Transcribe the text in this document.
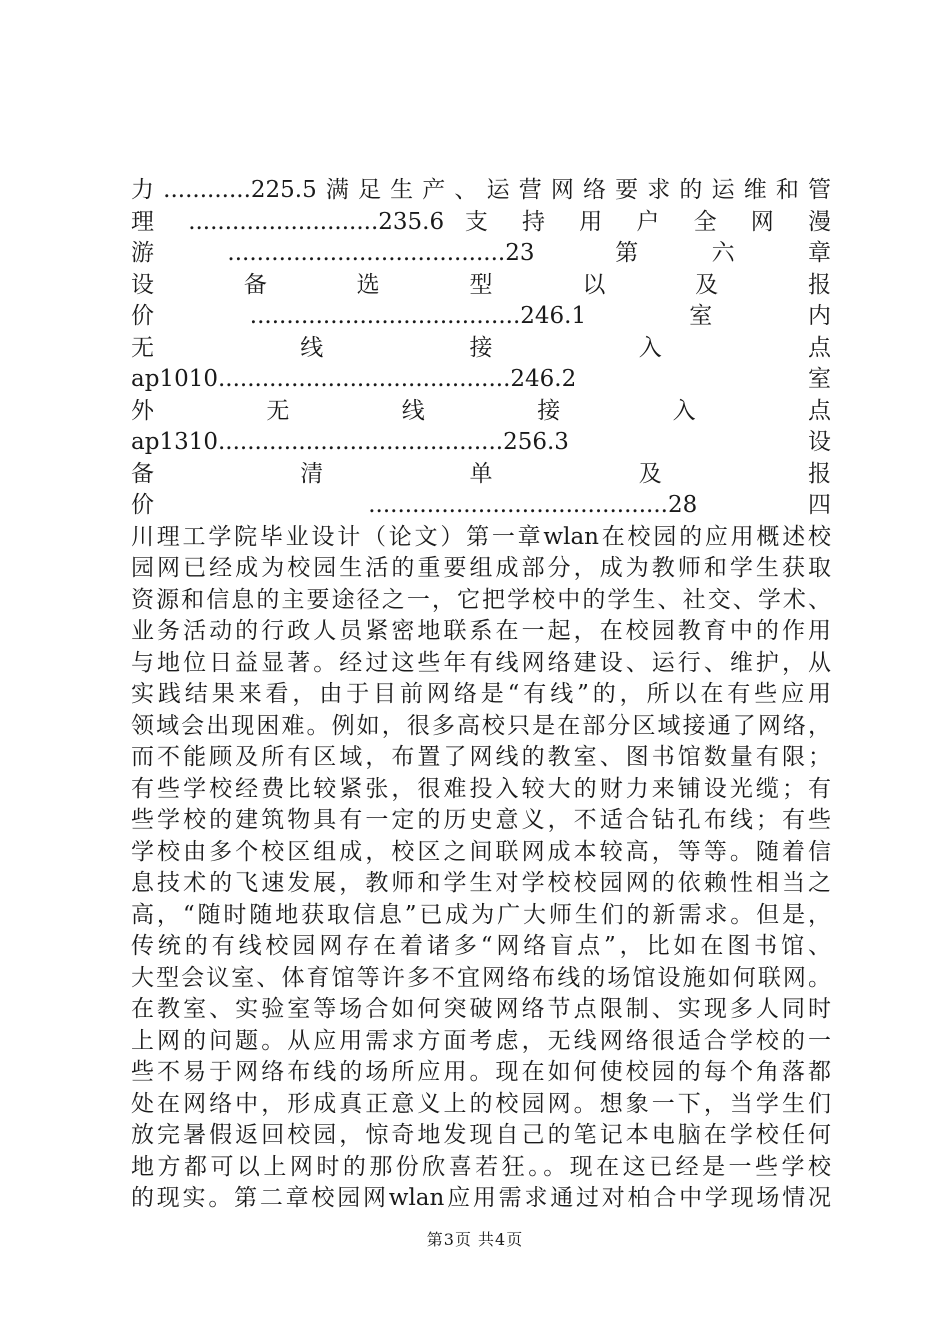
力............225.5满足生产、运营网络要求的运维和管
理 ..........................235.6 支 持 用 户 全 网 漫
游......................................23 第六章
设 备 选 型 以 及 报
价.....................................246.1 室内
无 线 接 入 点
ap1010........................................246.2 室
外 无 线 接 入 点
ap1310.......................................256.3 设
备 清 单 及 报
价 .........................................28 四
川理工学院毕业设计（论文）第一章wlan在校园的应用概述校
园网已经成为校园生活的重要组成部分，成为教师和学生获取
资源和信息的主要途径之一，它把学校中的学生、社交、学术、
业务活动的行政人员紧密地联系在一起，在校园教育中的作用
与地位日益显著。经过这些年有线网络建设、运行、维护，从
实践结果来看，由于目前网络是“有线”的，所以在有些应用
领域会出现困难。例如，很多高校只是在部分区域接通了网络，
而不能顾及所有区域，布置了网线的教室、图书馆数量有限；
有些学校经费比较紧张，很难投入较大的财力来铺设光缆；有
些学校的建筑物具有一定的历史意义，不适合钻孔布线；有些
学校由多个校区组成，校区之间联网成本较高，等等。随着信
息技术的飞速发展，教师和学生对学校校园网的依赖性相当之
高，“随时随地获取信息”已成为广大师生们的新需求。但是，
传统的有线校园网存在着诸多“网络盲点”，比如在图书馆、
大型会议室、体育馆等许多不宜网络布线的场馆设施如何联网。
在教室、实验室等场合如何突破网络节点限制、实现多人同时
上网的问题。从应用需求方面考虑，无线网络很适合学校的一
些不易于网络布线的场所应用。现在如何使校园的每个角落都
处在网络中，形成真正意义上的校园网。想象一下，当学生们
放完暑假返回校园，惊奇地发现自己的笔记本电脑在学校任何
地方都可以上网时的那份欣喜若狂。。现在这已经是一些学校
的现实。第二章校园网wlan应用需求通过对柏合中学现场情况
第3页 共4页
